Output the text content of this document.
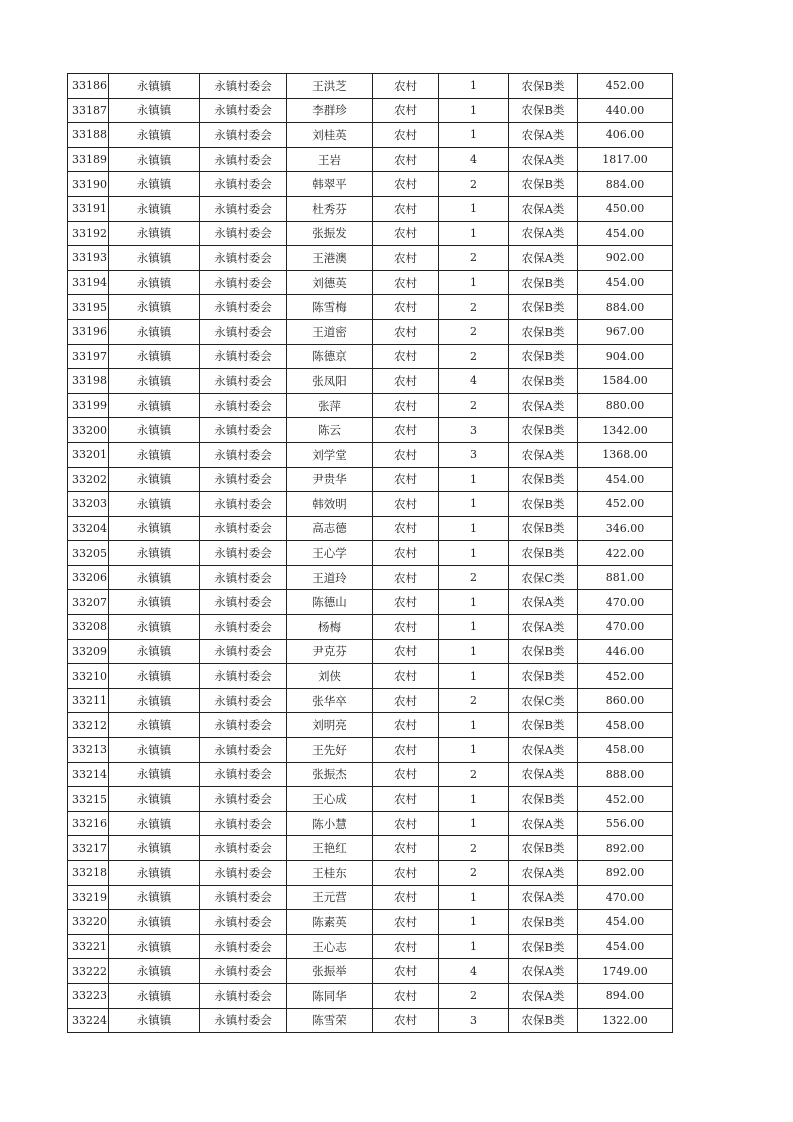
33186	永镇镇	永镇村委会	王洪芝	农村	1	农保B类	452.00
33187	永镇镇	永镇村委会	李群珍	农村	1	农保B类	440.00
33188	永镇镇	永镇村委会	刘桂英	农村	1	农保A类	406.00
33189	永镇镇	永镇村委会	王岩	农村	4	农保A类	1817.00
33190	永镇镇	永镇村委会	韩翠平	农村	2	农保B类	884.00
33191	永镇镇	永镇村委会	杜秀芬	农村	1	农保A类	450.00
33192	永镇镇	永镇村委会	张振发	农村	1	农保A类	454.00
33193	永镇镇	永镇村委会	王港澳	农村	2	农保A类	902.00
33194	永镇镇	永镇村委会	刘德英	农村	1	农保B类	454.00
33195	永镇镇	永镇村委会	陈雪梅	农村	2	农保B类	884.00
33196	永镇镇	永镇村委会	王道密	农村	2	农保B类	967.00
33197	永镇镇	永镇村委会	陈德京	农村	2	农保B类	904.00
33198	永镇镇	永镇村委会	张凤阳	农村	4	农保B类	1584.00
33199	永镇镇	永镇村委会	张萍	农村	2	农保A类	880.00
33200	永镇镇	永镇村委会	陈云	农村	3	农保B类	1342.00
33201	永镇镇	永镇村委会	刘学堂	农村	3	农保A类	1368.00
33202	永镇镇	永镇村委会	尹贵华	农村	1	农保B类	454.00
33203	永镇镇	永镇村委会	韩效明	农村	1	农保B类	452.00
33204	永镇镇	永镇村委会	高志德	农村	1	农保B类	346.00
33205	永镇镇	永镇村委会	王心学	农村	1	农保B类	422.00
33206	永镇镇	永镇村委会	王道玲	农村	2	农保C类	881.00
33207	永镇镇	永镇村委会	陈德山	农村	1	农保A类	470.00
33208	永镇镇	永镇村委会	杨梅	农村	1	农保A类	470.00
33209	永镇镇	永镇村委会	尹克芬	农村	1	农保B类	446.00
33210	永镇镇	永镇村委会	刘侠	农村	1	农保B类	452.00
33211	永镇镇	永镇村委会	张华卒	农村	2	农保C类	860.00
33212	永镇镇	永镇村委会	刘明亮	农村	1	农保B类	458.00
33213	永镇镇	永镇村委会	王先好	农村	1	农保A类	458.00
33214	永镇镇	永镇村委会	张振杰	农村	2	农保A类	888.00
33215	永镇镇	永镇村委会	王心成	农村	1	农保B类	452.00
33216	永镇镇	永镇村委会	陈小慧	农村	1	农保A类	556.00
33217	永镇镇	永镇村委会	王艳红	农村	2	农保B类	892.00
33218	永镇镇	永镇村委会	王桂东	农村	2	农保A类	892.00
33219	永镇镇	永镇村委会	王元营	农村	1	农保A类	470.00
33220	永镇镇	永镇村委会	陈素英	农村	1	农保B类	454.00
33221	永镇镇	永镇村委会	王心志	农村	1	农保B类	454.00
33222	永镇镇	永镇村委会	张振举	农村	4	农保A类	1749.00
33223	永镇镇	永镇村委会	陈同华	农村	2	农保A类	894.00
33224	永镇镇	永镇村委会	陈雪荣	农村	3	农保B类	1322.00
